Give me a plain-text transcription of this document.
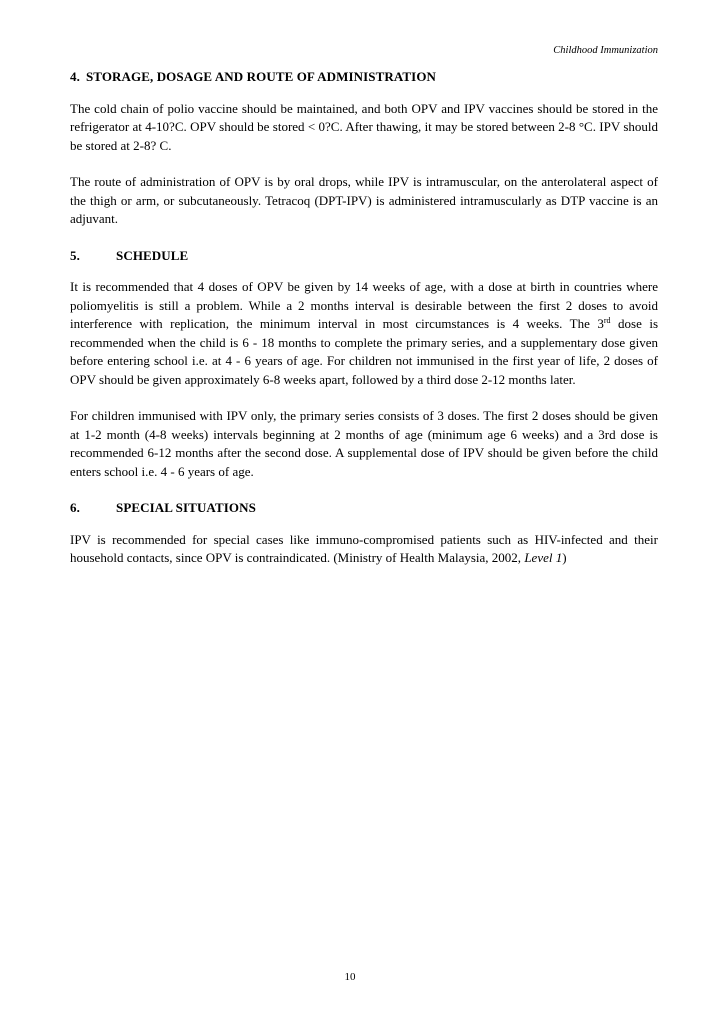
Childhood Immunization
4. STORAGE, DOSAGE AND ROUTE OF ADMINISTRATION

The cold chain of polio vaccine should be maintained, and both OPV and IPV vaccines should be stored in the refrigerator at 4-10?C. OPV should be stored < 0?C. After thawing, it may be stored between 2-8 °C. IPV should be stored at 2-8? C.

The route of administration of OPV is by oral drops, while IPV is intramuscular, on the anterolateral aspect of the thigh or arm, or subcutaneously. Tetracoq (DPT-IPV) is administered intramuscularly as DTP vaccine is an adjuvant.

5.	SCHEDULE

It is recommended that 4 doses of OPV be given by 14 weeks of age, with a dose at birth in countries where poliomyelitis is still a problem. While a 2 months interval is desirable between the first 2 doses to avoid interference with replication, the minimum interval in most circumstances is 4 weeks. The 3rd dose is recommended when the child is 6 - 18 months to complete the primary series, and a supplementary dose given before entering school i.e. at 4 - 6 years of age. For children not immunised in the first year of life, 2 doses of OPV should be given approximately 6-8 weeks apart, followed by a third dose 2-12 months later.

For children immunised with IPV only, the primary series consists of 3 doses. The first 2 doses should be given at 1-2 month (4-8 weeks) intervals beginning at 2 months of age (minimum age 6 weeks) and a 3rd dose is recommended 6-12 months after the second dose. A supplemental dose of IPV should be given before the child enters school i.e. 4 - 6 years of age.

6.	SPECIAL SITUATIONS

IPV is recommended for special cases like immuno-compromised patients such as HIV-infected and their household contacts, since OPV is contraindicated. (Ministry of Health Malaysia, 2002, Level 1)

10
